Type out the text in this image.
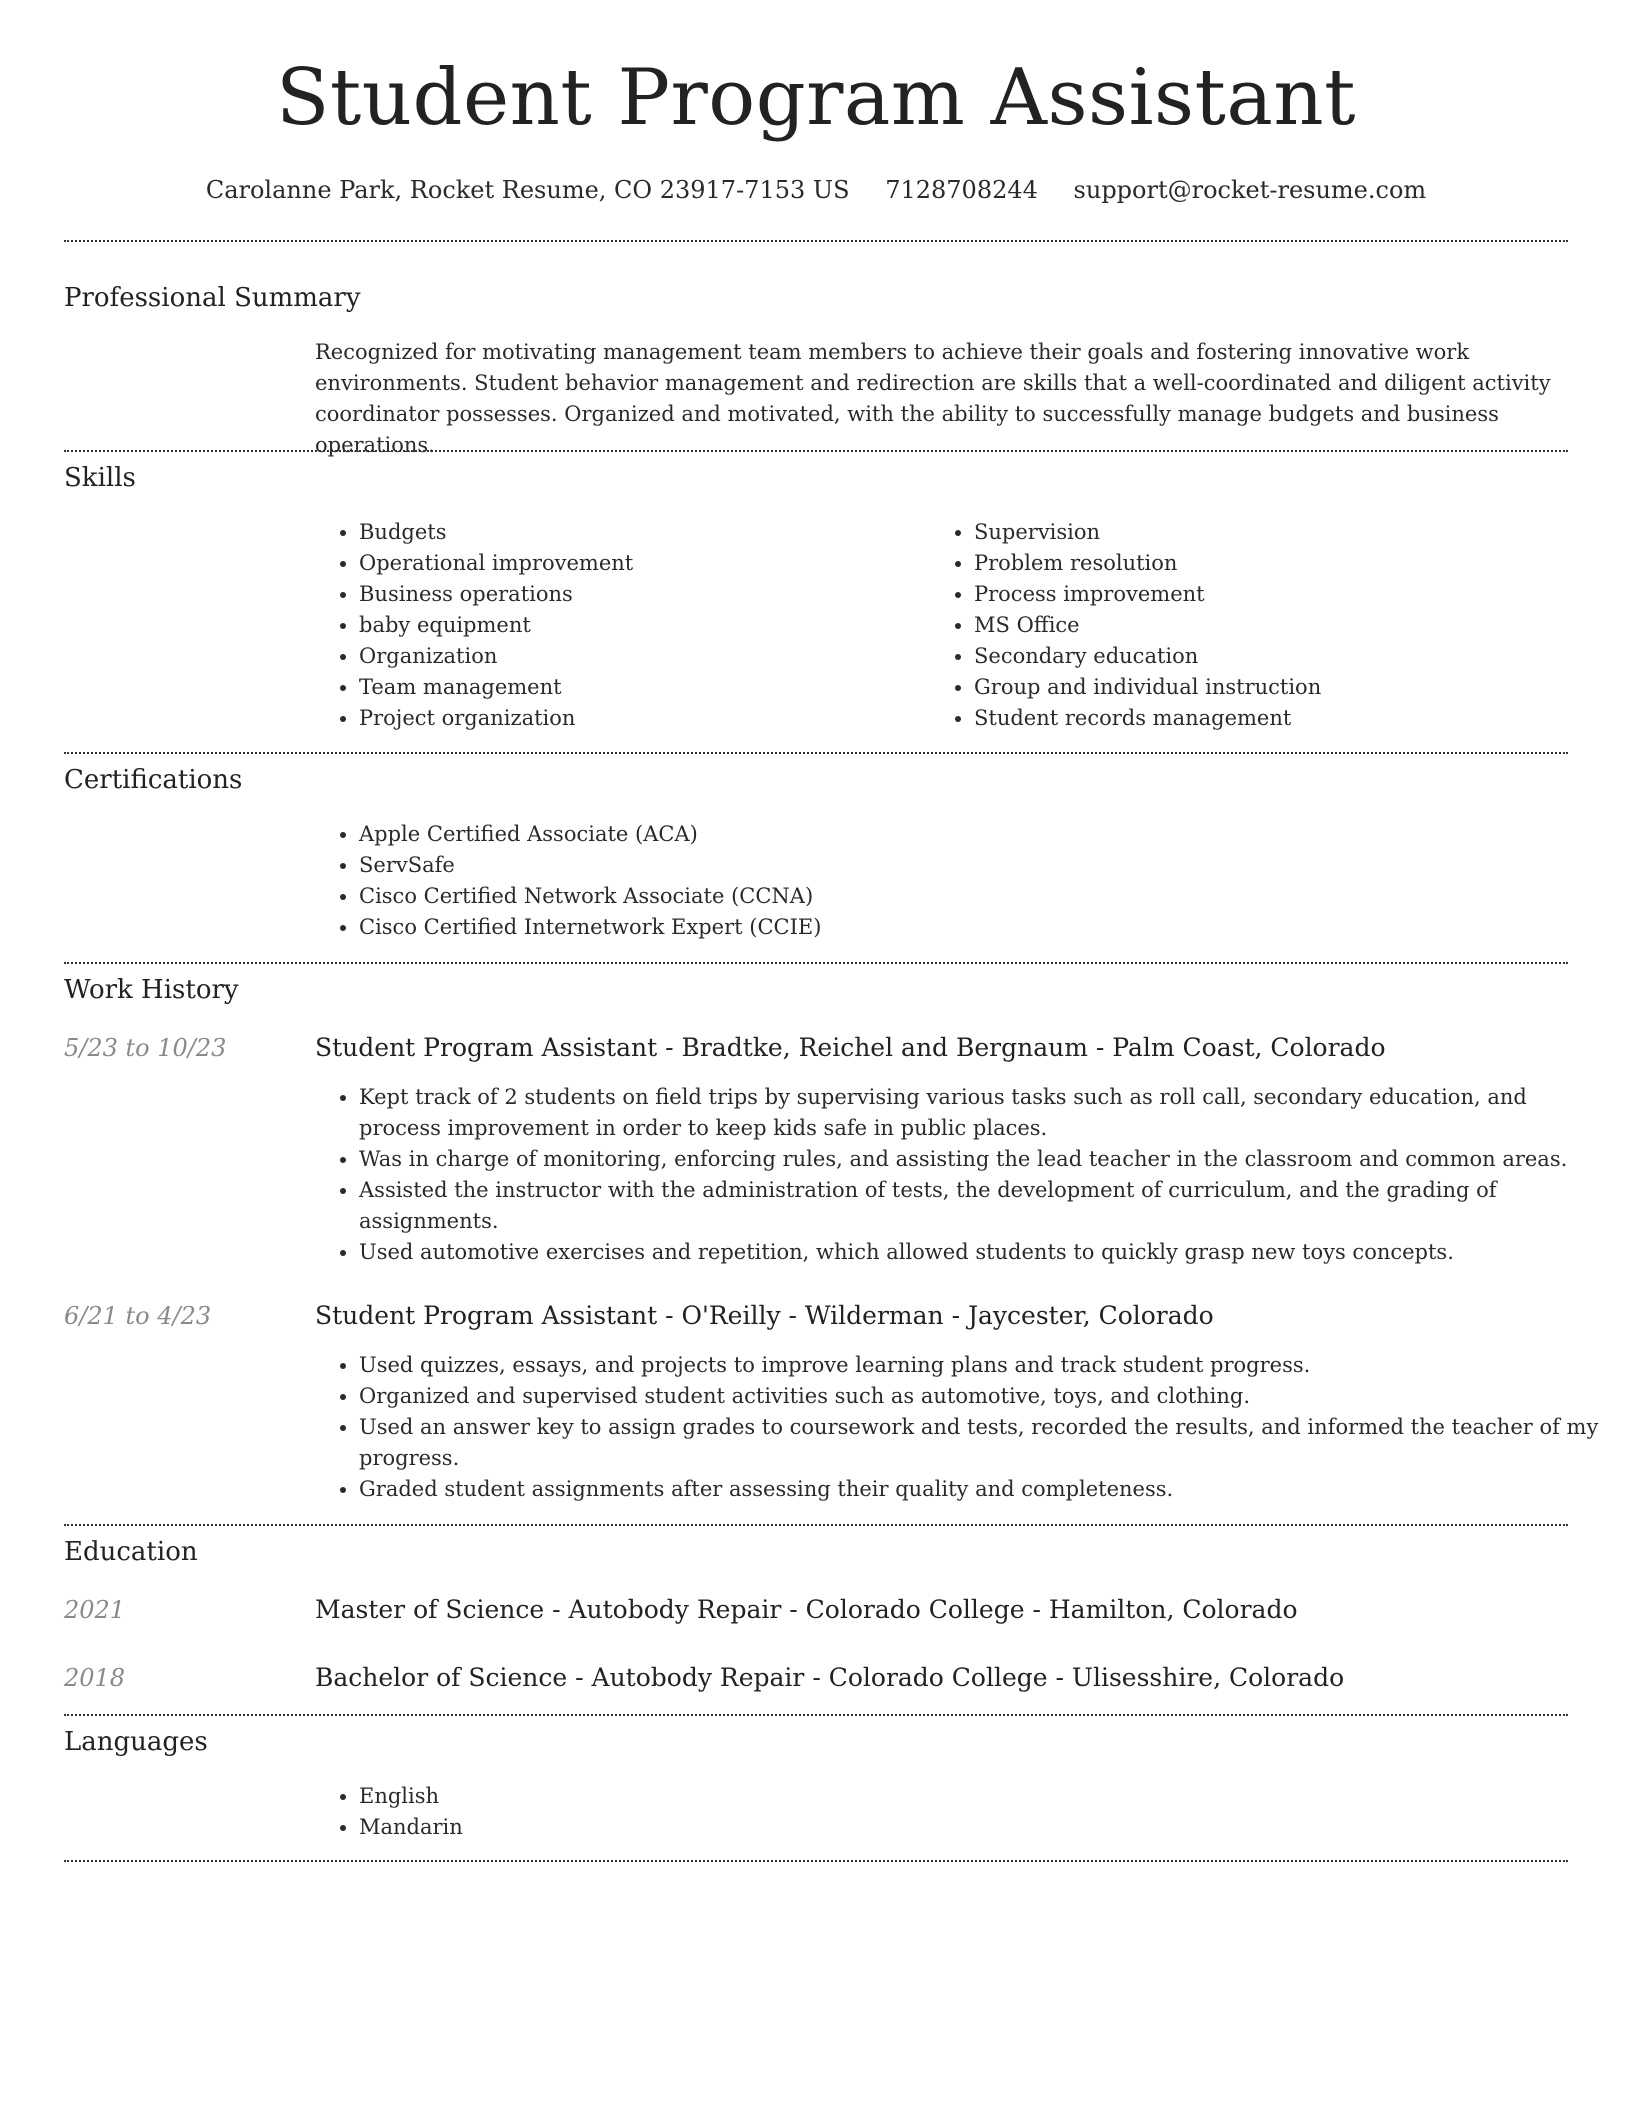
Student Program Assistant
Carolanne Park, Rocket Resume, CO 23917-7153 US 7128708244 support@rocket-resume.com
Professional Summary
Recognized for motivating management team members to achieve their goals and fostering innovative work environments. Student behavior management and redirection are skills that a well-coordinated and diligent activity coordinator possesses. Organized and motivated, with the ability to successfully manage budgets and business operations.
Skills
• Budgets
• Operational improvement
• Business operations
• baby equipment
• Organization
• Team management
• Project organization
• Supervision
• Problem resolution
• Process improvement
• MS Office
• Secondary education
• Group and individual instruction
• Student records management
Certifications
• Apple Certified Associate (ACA)
• ServSafe
• Cisco Certified Network Associate (CCNA)
• Cisco Certified Internetwork Expert (CCIE)
Work History
5/23 to 10/23	Student Program Assistant - Bradtke, Reichel and Bergnaum - Palm Coast, Colorado
• Kept track of 2 students on field trips by supervising various tasks such as roll call, secondary education, and process improvement in order to keep kids safe in public places.
• Was in charge of monitoring, enforcing rules, and assisting the lead teacher in the classroom and common areas.
• Assisted the instructor with the administration of tests, the development of curriculum, and the grading of assignments.
• Used automotive exercises and repetition, which allowed students to quickly grasp new toys concepts.
6/21 to 4/23	Student Program Assistant - O'Reilly - Wilderman - Jaycester, Colorado
• Used quizzes, essays, and projects to improve learning plans and track student progress.
• Organized and supervised student activities such as automotive, toys, and clothing.
• Used an answer key to assign grades to coursework and tests, recorded the results, and informed the teacher of my progress.
• Graded student assignments after assessing their quality and completeness.
Education
2021	Master of Science - Autobody Repair - Colorado College - Hamilton, Colorado
2018	Bachelor of Science - Autobody Repair - Colorado College - Ulisesshire, Colorado
Languages
• English
• Mandarin
